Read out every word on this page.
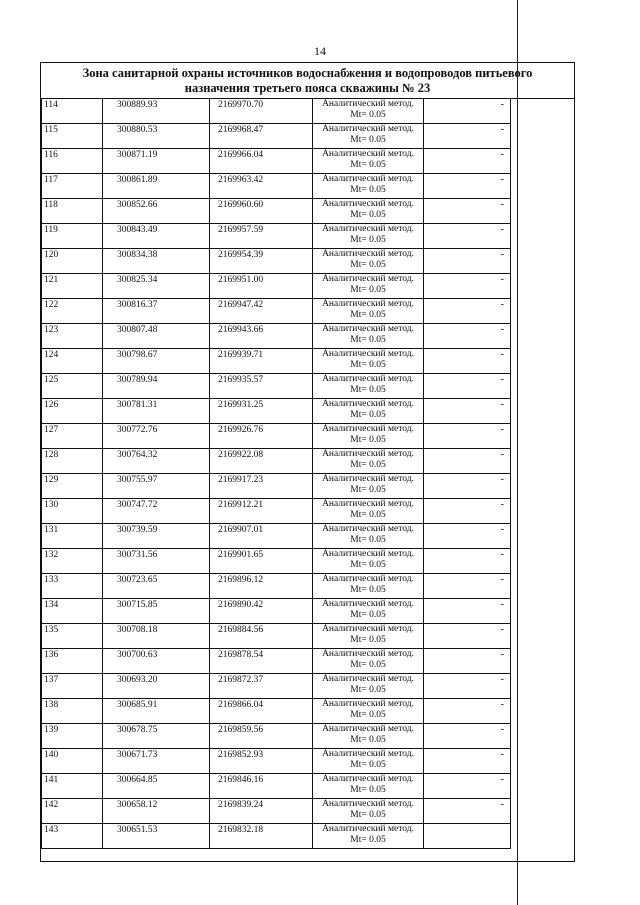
14
Зона санитарной охраны источников водоснабжения и водопроводов питьевого
назначения третьего пояса скважины № 23
114	300889.93	2169970.70	Аналитический метод.
Mt= 0.05	-
115	300880.53	2169968.47	Аналитический метод.
Mt= 0.05	-
116	300871.19	2169966.04	Аналитический метод.
Mt= 0.05	-
117	300861.89	2169963.42	Аналитический метод.
Mt= 0.05	-
118	300852.66	2169960.60	Аналитический метод.
Mt= 0.05	-
119	300843.49	2169957.59	Аналитический метод.
Mt= 0.05	-
120	300834.38	2169954.39	Аналитический метод.
Mt= 0.05	-
121	300825.34	2169951.00	Аналитический метод.
Mt= 0.05	-
122	300816.37	2169947.42	Аналитический метод.
Mt= 0.05	-
123	300807.48	2169943.66	Аналитический метод.
Mt= 0.05	-
124	300798.67	2169939.71	Аналитический метод.
Mt= 0.05	-
125	300789.94	2169935.57	Аналитический метод.
Mt= 0.05	-
126	300781.31	2169931.25	Аналитический метод.
Mt= 0.05	-
127	300772.76	2169926.76	Аналитический метод.
Mt= 0.05	-
128	300764.32	2169922.08	Аналитический метод.
Mt= 0.05	-
129	300755.97	2169917.23	Аналитический метод.
Mt= 0.05	-
130	300747.72	2169912.21	Аналитический метод.
Mt= 0.05	-
131	300739.59	2169907.01	Аналитический метод.
Mt= 0.05	-
132	300731.56	2169901.65	Аналитический метод.
Mt= 0.05	-
133	300723.65	2169896.12	Аналитический метод.
Mt= 0.05	-
134	300715.85	2169890.42	Аналитический метод.
Mt= 0.05	-
135	300708.18	2169884.56	Аналитический метод.
Mt= 0.05	-
136	300700.63	2169878.54	Аналитический метод.
Mt= 0.05	-
137	300693.20	2169872.37	Аналитический метод.
Mt= 0.05	-
138	300685.91	2169866.04	Аналитический метод.
Mt= 0.05	-
139	300678.75	2169859.56	Аналитический метод.
Mt= 0.05	-
140	300671.73	2169852.93	Аналитический метод.
Mt= 0.05	-
141	300664.85	2169846.16	Аналитический метод.
Mt= 0.05	-
142	300658.12	2169839.24	Аналитический метод.
Mt= 0.05	-
143	300651.53	2169832.18	Аналитический метод.
Mt= 0.05	
